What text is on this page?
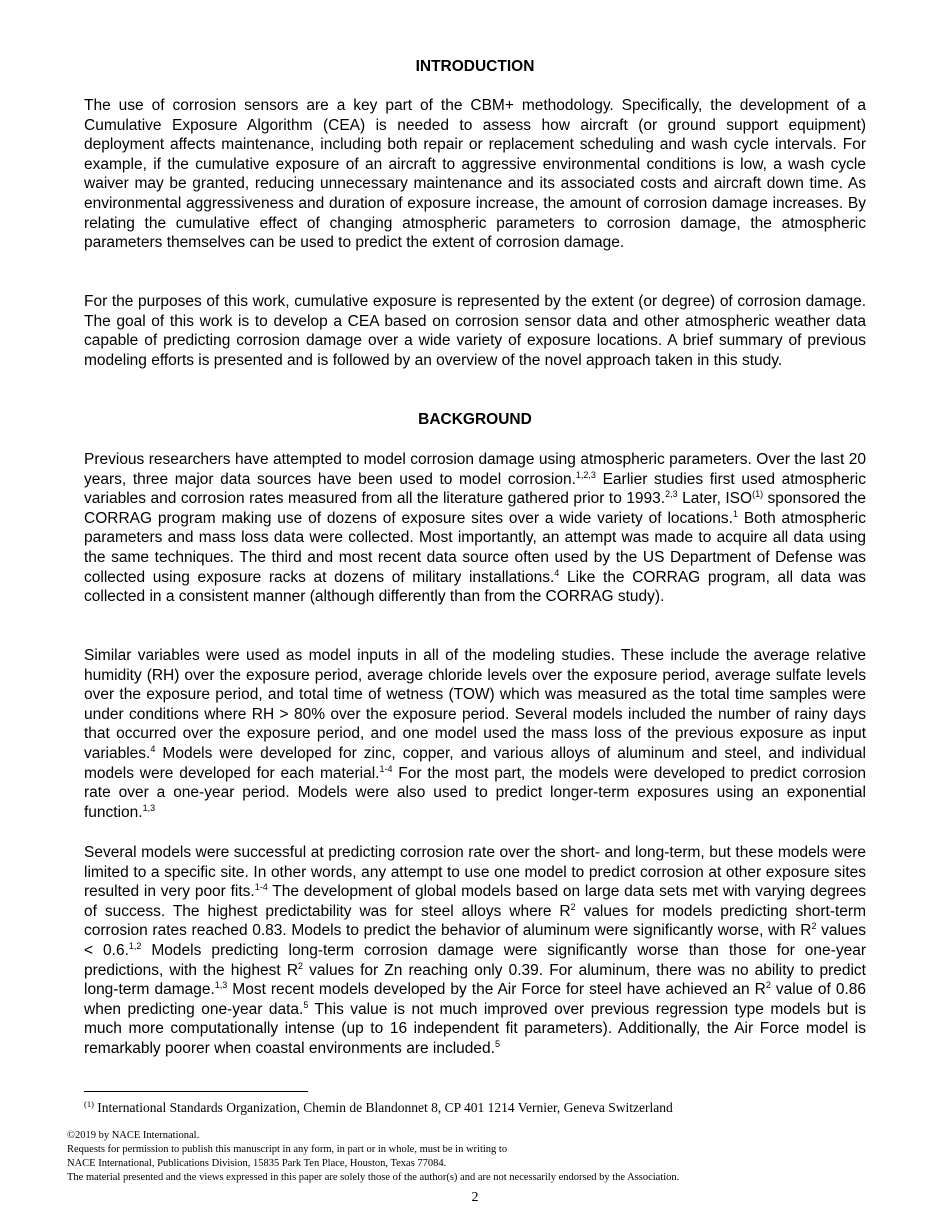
INTRODUCTION

The use of corrosion sensors are a key part of the CBM+ methodology. Specifically, the development of a Cumulative Exposure Algorithm (CEA) is needed to assess how aircraft (or ground support equipment) deployment affects maintenance, including both repair or replacement scheduling and wash cycle intervals. For example, if the cumulative exposure of an aircraft to aggressive environmental conditions is low, a wash cycle waiver may be granted, reducing unnecessary maintenance and its associated costs and aircraft down time. As environmental aggressiveness and duration of exposure increase, the amount of corrosion damage increases. By relating the cumulative effect of changing atmospheric parameters to corrosion damage, the atmospheric parameters themselves can be used to predict the extent of corrosion damage.

For the purposes of this work, cumulative exposure is represented by the extent (or degree) of corrosion damage. The goal of this work is to develop a CEA based on corrosion sensor data and other atmospheric weather data capable of predicting corrosion damage over a wide variety of exposure locations. A brief summary of previous modeling efforts is presented and is followed by an overview of the novel approach taken in this study.

BACKGROUND

Previous researchers have attempted to model corrosion damage using atmospheric parameters. Over the last 20 years, three major data sources have been used to model corrosion.$^{1,2,3}$ Earlier studies first used atmospheric variables and corrosion rates measured from all the literature gathered prior to 1993.$^{2,3}$ Later, ISO$^{(1)}$ sponsored the CORRAG program making use of dozens of exposure sites over a wide variety of locations.$^1$ Both atmospheric parameters and mass loss data were collected. Most importantly, an attempt was made to acquire all data using the same techniques. The third and most recent data source often used by the US Department of Defense was collected using exposure racks at dozens of military installations.$^4$ Like the CORRAG program, all data was collected in a consistent manner (although differently than from the CORRAG study).

Similar variables were used as model inputs in all of the modeling studies. These include the average relative humidity (RH) over the exposure period, average chloride levels over the exposure period, average sulfate levels over the exposure period, and total time of wetness (TOW) which was measured as the total time samples were under conditions where RH > 80% over the exposure period. Several models included the number of rainy days that occurred over the exposure period, and one model used the mass loss of the previous exposure as input variables.$^4$ Models were developed for zinc, copper, and various alloys of aluminum and steel, and individual models were developed for each material.$^{1-4}$ For the most part, the models were developed to predict corrosion rate over a one-year period. Models were also used to predict longer-term exposures using an exponential function.$^{1,3}$

Several models were successful at predicting corrosion rate over the short- and long-term, but these models were limited to a specific site. In other words, any attempt to use one model to predict corrosion at other exposure sites resulted in very poor fits.$^{1-4}$ The development of global models based on large data sets met with varying degrees of success. The highest predictability was for steel alloys where $R^2$ values for models predicting short-term corrosion rates reached 0.83. Models to predict the behavior of aluminum were significantly worse, with $R^2$ values < 0.6.$^{1,2}$ Models predicting long-term corrosion damage were significantly worse than those for one-year predictions, with the highest $R^2$ values for Zn reaching only 0.39. For aluminum, there was no ability to predict long-term damage.$^{1,3}$ Most recent models developed by the Air Force for steel have achieved an $R^2$ value of 0.86 when predicting one-year data.$^5$ This value is not much improved over previous regression type models but is much more computationally intense (up to 16 independent fit parameters). Additionally, the Air Force model is remarkably poorer when coastal environments are included.$^5$

$^{(1)}$ International Standards Organization, Chemin de Blandonnet 8, CP 401 1214 Vernier, Geneva Switzerland

©2019 by NACE International.
Requests for permission to publish this manuscript in any form, in part or in whole, must be in writing to
NACE International, Publications Division, 15835 Park Ten Place, Houston, Texas 77084.
The material presented and the views expressed in this paper are solely those of the author(s) and are not necessarily endorsed by the Association.

2
